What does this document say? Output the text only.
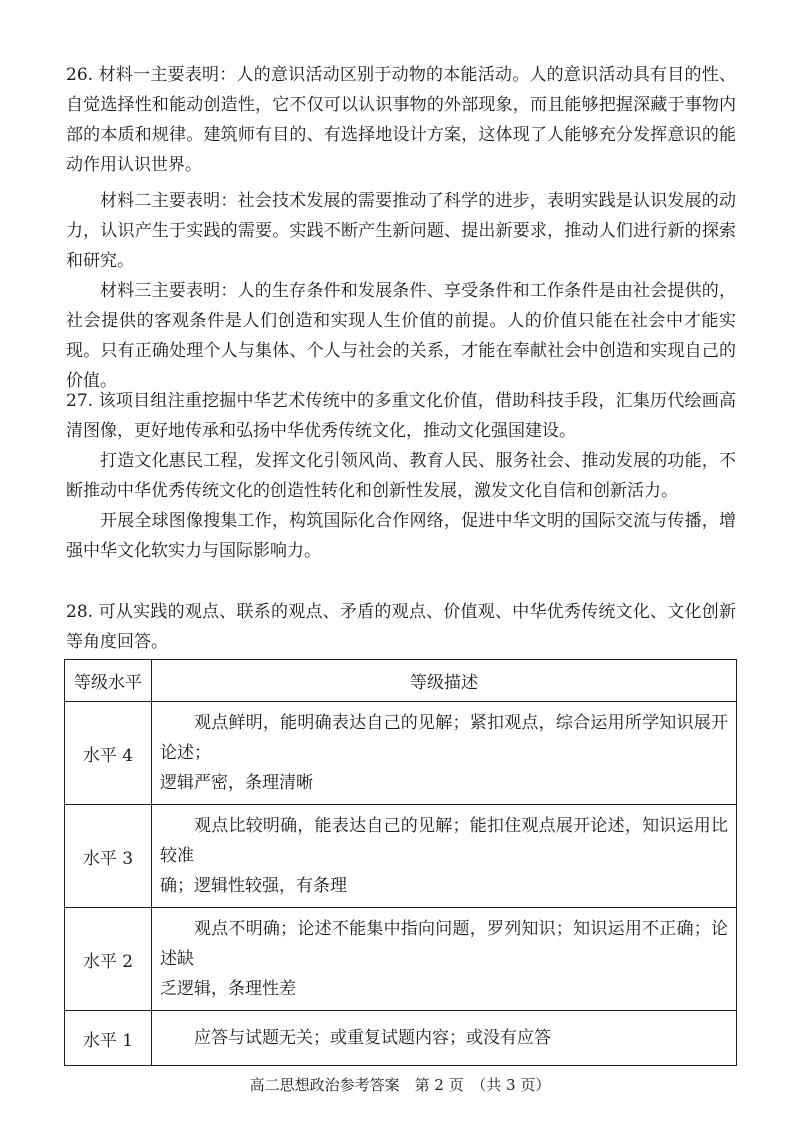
26. 材料一主要表明：人的意识活动区别于动物的本能活动。人的意识活动具有目的性、自觉选择性和能动创造性，它不仅可以认识事物的外部现象，而且能够把握深藏于事物内部的本质和规律。建筑师有目的、有选择地设计方案，这体现了人能够充分发挥意识的能动作用认识世界。

材料二主要表明：社会技术发展的需要推动了科学的进步，表明实践是认识发展的动力，认识产生于实践的需要。实践不断产生新问题、提出新要求，推动人们进行新的探索和研究。

材料三主要表明：人的生存条件和发展条件、享受条件和工作条件是由社会提供的，社会提供的客观条件是人们创造和实现人生价值的前提。人的价值只能在社会中才能实现。只有正确处理个人与集体、个人与社会的关系，才能在奉献社会中创造和实现自己的价值。

27. 该项目组注重挖掘中华艺术传统中的多重文化价值，借助科技手段，汇集历代绘画高清图像，更好地传承和弘扬中华优秀传统文化，推动文化强国建设。

打造文化惠民工程，发挥文化引领风尚、教育人民、服务社会、推动发展的功能，不断推动中华优秀传统文化的创造性转化和创新性发展，激发文化自信和创新活力。

开展全球图像搜集工作，构筑国际化合作网络，促进中华文明的国际交流与传播，增强中华文化软实力与国际影响力。

28. 可从实践的观点、联系的观点、矛盾的观点、价值观、中华优秀传统文化、文化创新等角度回答。

等级水平	等级描述
水平 4	观点鲜明，能明确表达自己的见解；紧扣观点，综合运用所学知识展开论述；
逻辑严密，条理清晰

水平 3	观点比较明确，能表达自己的见解；能扣住观点展开论述，知识运用比较准
确；逻辑性较强，有条理

水平 2	观点不明确；论述不能集中指向问题，罗列知识；知识运用不正确；论述缺
乏逻辑，条理性差

水平 1	应答与试题无关；或重复试题内容；或没有应答
高二思想政治参考答案　第 2 页　（共 3 页）
